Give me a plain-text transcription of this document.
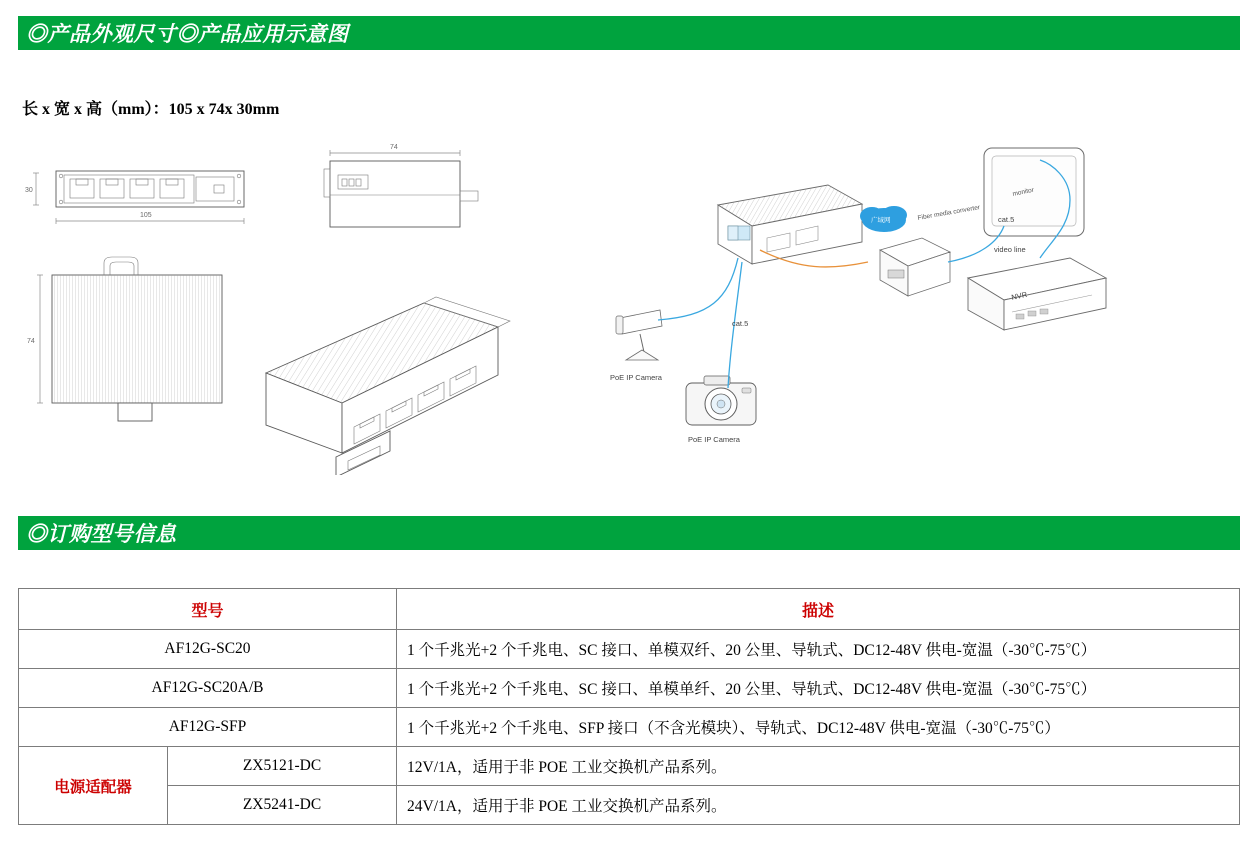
◎产品外观尺寸◎产品应用示意图
长 x 宽 x 高（mm）：105 x 74x 30mm
30
105
74
74
monitor
广域网	Fiber media converter
NVR
PoE IP Camera
PoE IP Camera
cat.5
cat.5
video line
◎订购型号信息
型号		描述
AF12G-SC20		1 个千兆光+2 个千兆电、SC 接口、单模双纤、20 公里、导轨式、DC12-48V 供电-宽温（-30℃-75℃）
AF12G-SC20A/B		1 个千兆光+2 个千兆电、SC 接口、单模单纤、20 公里、导轨式、DC12-48V 供电-宽温（-30℃-75℃）
AF12G-SFP		1 个千兆光+2 个千兆电、SFP 接口（不含光模块）、导轨式、DC12-48V 供电-宽温（-30℃-75℃）
电源适配器	ZX5121-DC	12V/1A，适用于非 POE 工业交换机产品系列。
	ZX5241-DC	24V/1A，适用于非 POE 工业交换机产品系列。
